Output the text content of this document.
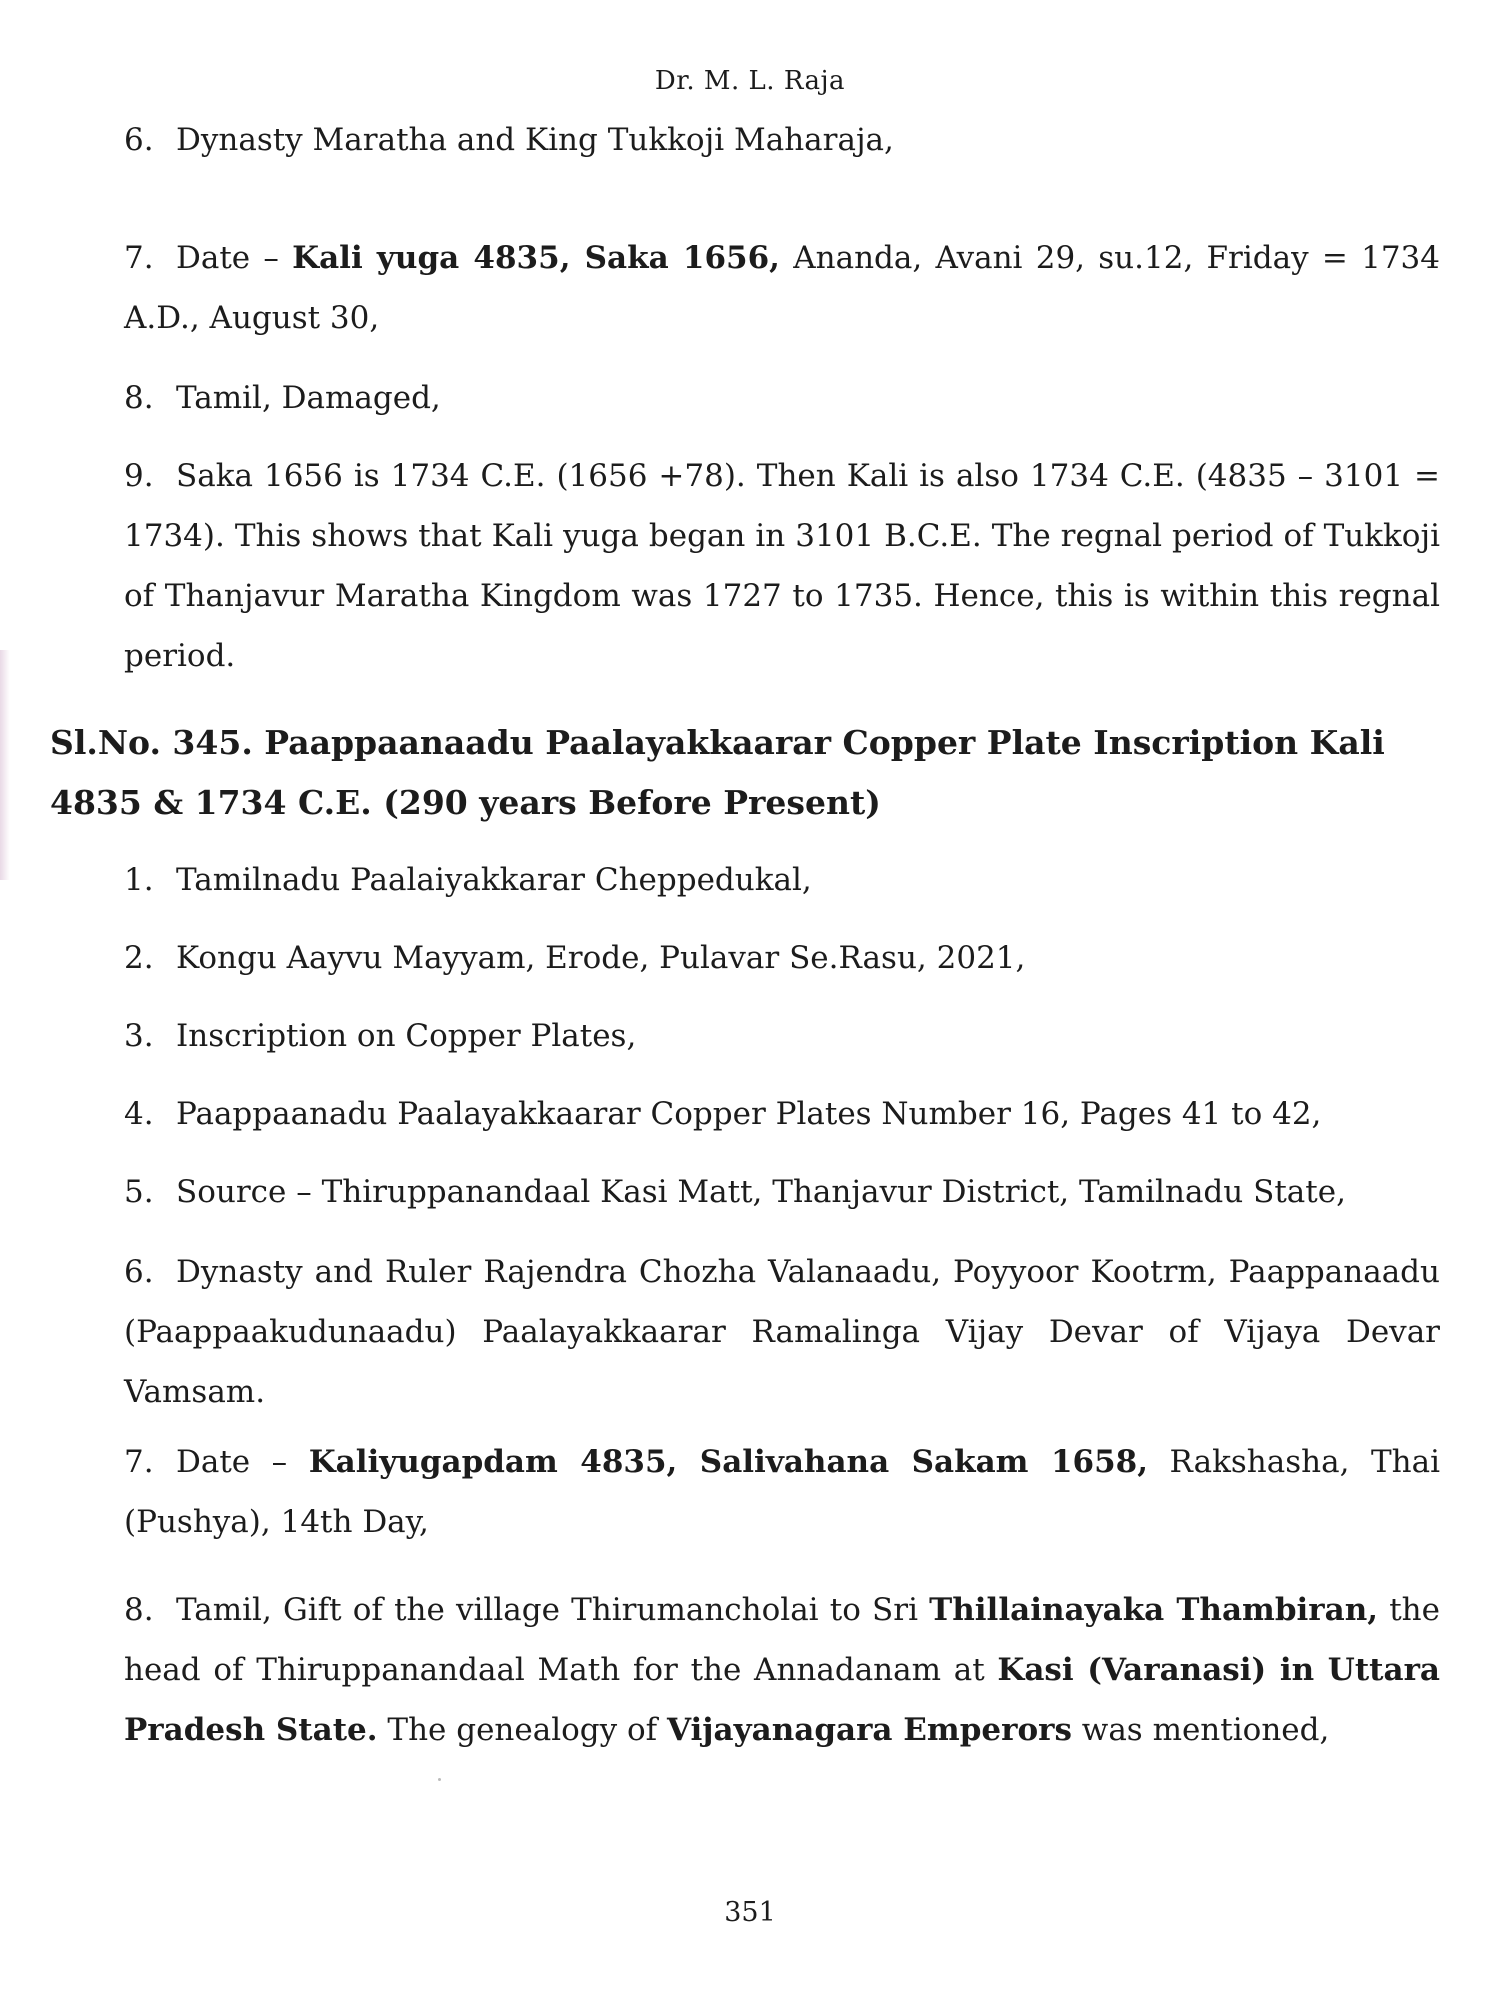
Dr. M. L. Raja
6. Dynasty Maratha and King Tukkoji Maharaja,
7. Date – Kali yuga 4835, Saka 1656, Ananda, Avani 29, su.12, Friday = 1734 A.D., August 30,
8. Tamil, Damaged,
9. Saka 1656 is 1734 C.E. (1656 +78). Then Kali is also 1734 C.E. (4835 – 3101 = 1734). This shows that Kali yuga began in 3101 B.C.E. The regnal period of Tukkoji of Thanjavur Maratha Kingdom was 1727 to 1735. Hence, this is within this regnal period.
Sl.No. 345. Paappaanaadu Paalayakkaarar Copper Plate Inscription Kali 4835 & 1734 C.E. (290 years Before Present)
1. Tamilnadu Paalaiyakkarar Cheppedukal,
2. Kongu Aayvu Mayyam, Erode, Pulavar Se.Rasu, 2021,
3. Inscription on Copper Plates,
4. Paappaanadu Paalayakkaarar Copper Plates Number 16, Pages 41 to 42,
5. Source – Thiruppanandaal Kasi Matt, Thanjavur District, Tamilnadu State,
6. Dynasty and Ruler Rajendra Chozha Valanaadu, Poyyoor Kootrm, Paappanaadu (Paappaakudunaadu) Paalayakkaarar Ramalinga Vijay Devar of Vijaya Devar Vamsam.
7. Date – Kaliyugapdam 4835, Salivahana Sakam 1658, Rakshasha, Thai (Pushya), 14th Day,
8. Tamil, Gift of the village Thirumancholai to Sri Thillainayaka Thambiran, the head of Thiruppanandaal Math for the Annadanam at Kasi (Varanasi) in Uttara Pradesh State. The genealogy of Vijayanagara Emperors was mentioned,
351
